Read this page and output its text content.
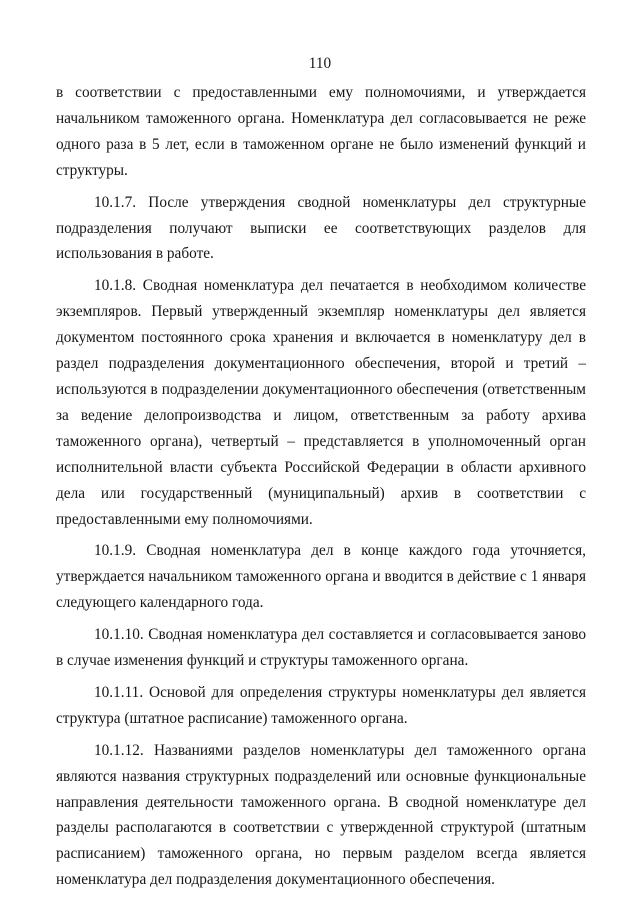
110

в соответствии с предоставленными ему полномочиями, и утверждается начальником таможенного органа. Номенклатура дел согласовывается не реже одного раза в 5 лет, если в таможенном органе не было изменений функций и структуры.

10.1.7. После утверждения сводной номенклатуры дел структурные подразделения получают выписки ее соответствующих разделов для использования в работе.

10.1.8. Сводная номенклатура дел печатается в необходимом количестве экземпляров. Первый утвержденный экземпляр номенклатуры дел является документом постоянного срока хранения и включается в номенклатуру дел в раздел подразделения документационного обеспечения, второй и третий – используются в подразделении документационного обеспечения (ответственным за ведение делопроизводства и лицом, ответственным за работу архива таможенного органа), четвертый – представляется в уполномоченный орган исполнительной власти субъекта Российской Федерации в области архивного дела или государственный (муниципальный) архив в соответствии с предоставленными ему полномочиями.

10.1.9. Сводная номенклатура дел в конце каждого года уточняется, утверждается начальником таможенного органа и вводится в действие с 1 января следующего календарного года.

10.1.10. Сводная номенклатура дел составляется и согласовывается заново в случае изменения функций и структуры таможенного органа.

10.1.11. Основой для определения структуры номенклатуры дел является структура (штатное расписание) таможенного органа.

10.1.12. Названиями разделов номенклатуры дел таможенного органа являются названия структурных подразделений или основные функциональные направления деятельности таможенного органа. В сводной номенклатуре дел разделы располагаются в соответствии с утвержденной структурой (штатным расписанием) таможенного органа, но первым разделом всегда является номенклатура дел подразделения документационного обеспечения.
